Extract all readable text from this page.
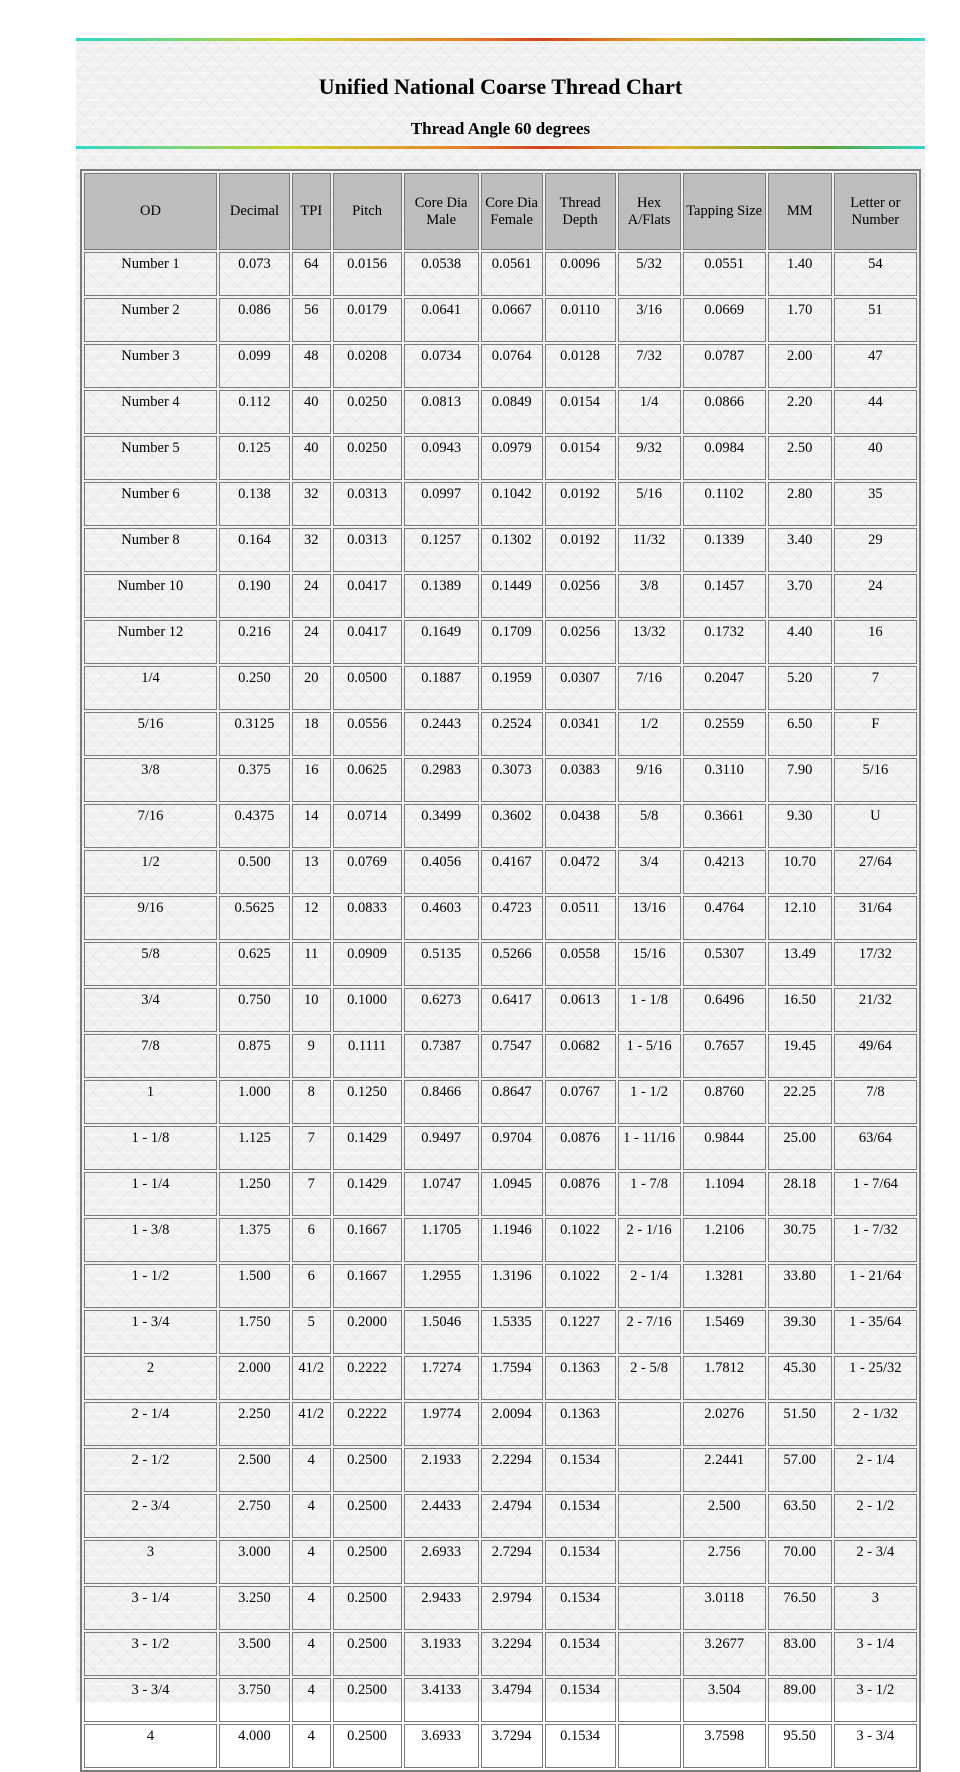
Unified National Coarse Thread Chart
Thread Angle 60 degrees
OD	Decimal	TPI	Pitch	Core Dia Male	Core Dia Female	Thread Depth	Hex A/Flats	Tapping Size	MM	Letter or Number
Number 1	0.073	64	0.0156	0.0538	0.0561	0.0096	5/32	0.0551	1.40	54
Number 2	0.086	56	0.0179	0.0641	0.0667	0.0110	3/16	0.0669	1.70	51
Number 3	0.099	48	0.0208	0.0734	0.0764	0.0128	7/32	0.0787	2.00	47
Number 4	0.112	40	0.0250	0.0813	0.0849	0.0154	1/4	0.0866	2.20	44
Number 5	0.125	40	0.0250	0.0943	0.0979	0.0154	9/32	0.0984	2.50	40
Number 6	0.138	32	0.0313	0.0997	0.1042	0.0192	5/16	0.1102	2.80	35
Number 8	0.164	32	0.0313	0.1257	0.1302	0.0192	11/32	0.1339	3.40	29
Number 10	0.190	24	0.0417	0.1389	0.1449	0.0256	3/8	0.1457	3.70	24
Number 12	0.216	24	0.0417	0.1649	0.1709	0.0256	13/32	0.1732	4.40	16
1/4	0.250	20	0.0500	0.1887	0.1959	0.0307	7/16	0.2047	5.20	7
5/16	0.3125	18	0.0556	0.2443	0.2524	0.0341	1/2	0.2559	6.50	F
3/8	0.375	16	0.0625	0.2983	0.3073	0.0383	9/16	0.3110	7.90	5/16
7/16	0.4375	14	0.0714	0.3499	0.3602	0.0438	5/8	0.3661	9.30	U
1/2	0.500	13	0.0769	0.4056	0.4167	0.0472	3/4	0.4213	10.70	27/64
9/16	0.5625	12	0.0833	0.4603	0.4723	0.0511	13/16	0.4764	12.10	31/64
5/8	0.625	11	0.0909	0.5135	0.5266	0.0558	15/16	0.5307	13.49	17/32
3/4	0.750	10	0.1000	0.6273	0.6417	0.0613	1 - 1/8	0.6496	16.50	21/32
7/8	0.875	9	0.1111	0.7387	0.7547	0.0682	1 - 5/16	0.7657	19.45	49/64
1	1.000	8	0.1250	0.8466	0.8647	0.0767	1 - 1/2	0.8760	22.25	7/8
1 - 1/8	1.125	7	0.1429	0.9497	0.9704	0.0876	1 - 11/16	0.9844	25.00	63/64
1 - 1/4	1.250	7	0.1429	1.0747	1.0945	0.0876	1 - 7/8	1.1094	28.18	1 - 7/64
1 - 3/8	1.375	6	0.1667	1.1705	1.1946	0.1022	2 - 1/16	1.2106	30.75	1 - 7/32
1 - 1/2	1.500	6	0.1667	1.2955	1.3196	0.1022	2 - 1/4	1.3281	33.80	1 - 21/64
1 - 3/4	1.750	5	0.2000	1.5046	1.5335	0.1227	2 - 7/16	1.5469	39.30	1 - 35/64
2	2.000	41/2	0.2222	1.7274	1.7594	0.1363	2 - 5/8	1.7812	45.30	1 - 25/32
2 - 1/4	2.250	41/2	0.2222	1.9774	2.0094	0.1363		2.0276	51.50	2 - 1/32
2 - 1/2	2.500	4	0.2500	2.1933	2.2294	0.1534		2.2441	57.00	2 - 1/4
2 - 3/4	2.750	4	0.2500	2.4433	2.4794	0.1534		2.500	63.50	2 - 1/2
3	3.000	4	0.2500	2.6933	2.7294	0.1534		2.756	70.00	2 - 3/4
3 - 1/4	3.250	4	0.2500	2.9433	2.9794	0.1534		3.0118	76.50	3
3 - 1/2	3.500	4	0.2500	3.1933	3.2294	0.1534		3.2677	83.00	3 - 1/4
3 - 3/4	3.750	4	0.2500	3.4133	3.4794	0.1534		3.504	89.00	3 - 1/2
4	4.000	4	0.2500	3.6933	3.7294	0.1534		3.7598	95.50	3 - 3/4
